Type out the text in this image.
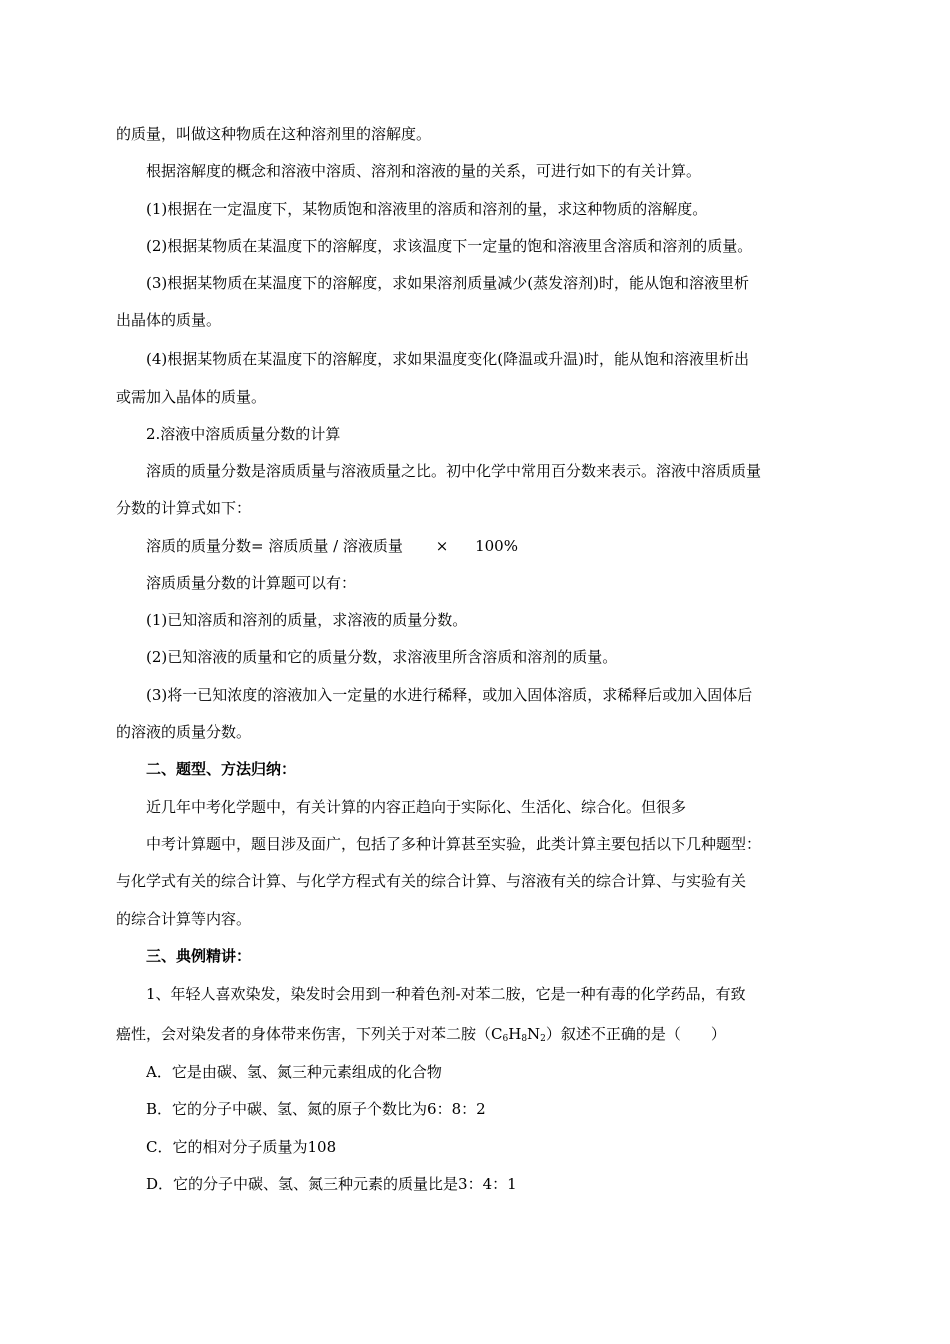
的质量，叫做这种物质在这种溶剂里的溶解度。
根据溶解度的概念和溶液中溶质、溶剂和溶液的量的关系，可进行如下的有关计算。
(1)根据在一定温度下，某物质饱和溶液里的溶质和溶剂的量，求这种物质的溶解度。
(2)根据某物质在某温度下的溶解度，求该温度下一定量的饱和溶液里含溶质和溶剂的质量。
(3)根据某物质在某温度下的溶解度，求如果溶剂质量减少(蒸发溶剂)时，能从饱和溶液里析
出晶体的质量。
(4)根据某物质在某温度下的溶解度，求如果温度变化(降温或升温)时，能从饱和溶液里析出
或需加入晶体的质量。
2.溶液中溶质质量分数的计算
溶质的质量分数是溶质质量与溶液质量之比。初中化学中常用百分数来表示。溶液中溶质质量
分数的计算式如下：
溶质的质量分数= 溶质质量 / 溶液质量 × 100%
溶质质量分数的计算题可以有：
(1)已知溶质和溶剂的质量，求溶液的质量分数。
(2)已知溶液的质量和它的质量分数，求溶液里所含溶质和溶剂的质量。
(3)将一已知浓度的溶液加入一定量的水进行稀释，或加入固体溶质，求稀释后或加入固体后
的溶液的质量分数。
二、题型、方法归纳：
近几年中考化学题中，有关计算的内容正趋向于实际化、生活化、综合化。但很多
中考计算题中，题目涉及面广，包括了多种计算甚至实验，此类计算主要包括以下几种题型：
与化学式有关的综合计算、与化学方程式有关的综合计算、与溶液有关的综合计算、与实验有关
的综合计算等内容。
三、典例精讲：
1、年轻人喜欢染发，染发时会用到一种着色剂-对苯二胺，它是一种有毒的化学药品，有致
癌性，会对染发者的身体带来伤害，下列关于对苯二胺$(C_6H_8N_2)$叙述不正确的是（　　）
A．它是由碳、氢、氮三种元素组成的化合物
B．它的分子中碳、氢、氮的原子个数比为6：8：2
C．它的相对分子质量为108
D．它的分子中碳、氢、氮三种元素的质量比是3：4：1
